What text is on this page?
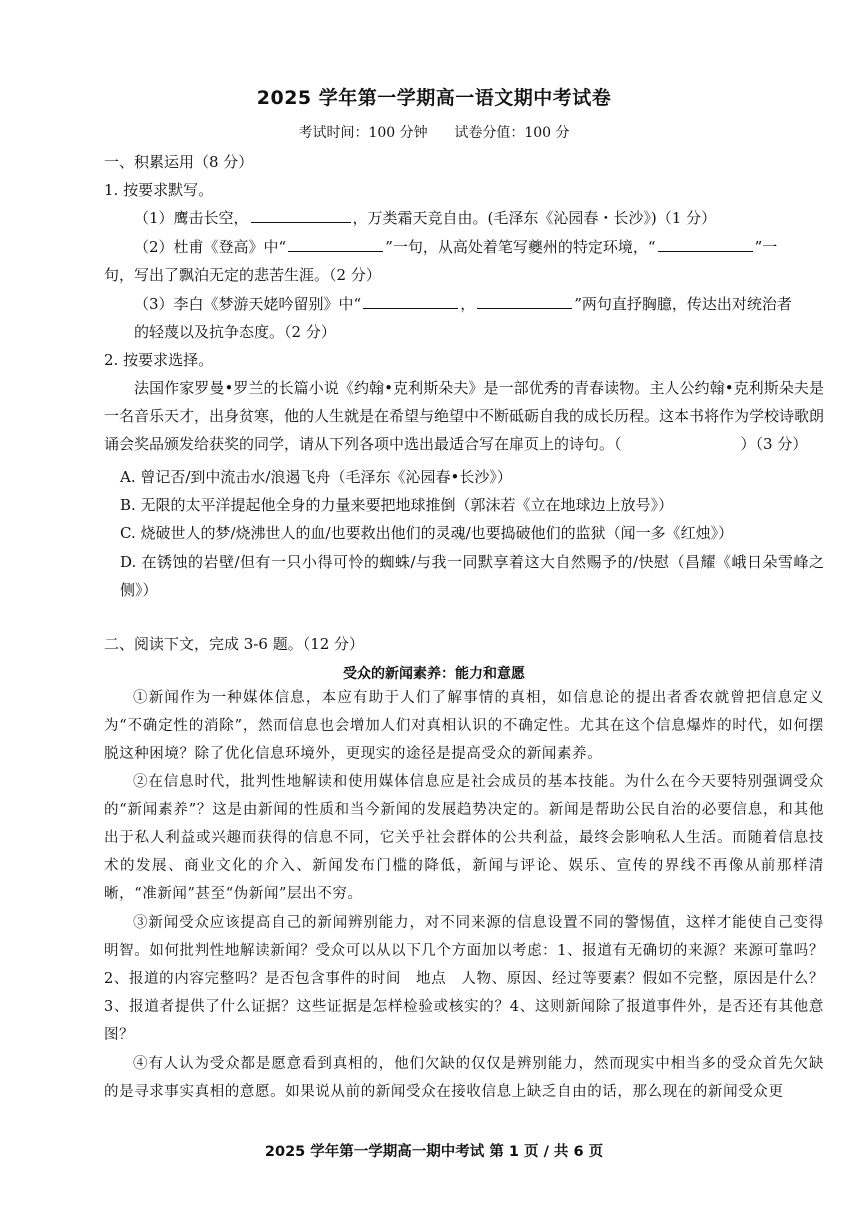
2025 学年第一学期高一语文期中考试卷
考试时间：100 分钟 试卷分值：100 分
一、积累运用（8 分）
1. 按要求默写。
（1）鹰击长空，	，万类霜天竞自由。(毛泽东《沁园春・长沙》)（1 分）
（2）杜甫《登高》中“	”一句，从高处着笔写夔州的特定环境，“	”一
句，写出了飘泊无定的悲苦生涯。（2 分）
（3）李白《梦游天姥吟留别》中“	，	”两句直抒胸臆，传达出对统治者
的轻蔑以及抗争态度。（2 分）
2. 按要求选择。
法国作家罗曼•罗兰的长篇小说《约翰•克利斯朵夫》是一部优秀的青春读物。主人公约翰•克利斯朵夫是一名音乐天才，出身贫寒，他的人生就是在希望与绝望中不断砥砺自我的成长历程。这本书将作为学校诗歌朗诵会奖品颁发给获奖的同学，请从下列各项中选出最适合写在扉页上的诗句。（	）（3 分）
A. 曾记否/到中流击水/浪遏飞舟（毛泽东《沁园春•长沙》）
B. 无限的太平洋提起他全身的力量来要把地球推倒（郭沫若《立在地球边上放号》）
C. 烧破世人的梦/烧沸世人的血/也要救出他们的灵魂/也要捣破他们的监狱（闻一多《红烛》）
D. 在锈蚀的岩壁/但有一只小得可怜的蜘蛛/与我一同默享着这大自然赐予的/快慰（昌耀《峨日朵雪峰之侧》）
二、阅读下文，完成 3-6 题。（12 分）
受众的新闻素养：能力和意愿
①新闻作为一种媒体信息，本应有助于人们了解事情的真相，如信息论的提出者香农就曾把信息定义为“不确定性的消除”，然而信息也会增加人们对真相认识的不确定性。尤其在这个信息爆炸的时代，如何摆脱这种困境？除了优化信息环境外，更现实的途径是提高受众的新闻素养。
②在信息时代，批判性地解读和使用媒体信息应是社会成员的基本技能。为什么在今天要特别强调受众的“新闻素养”？这是由新闻的性质和当今新闻的发展趋势决定的。新闻是帮助公民自治的必要信息，和其他出于私人利益或兴趣而获得的信息不同，它关乎社会群体的公共利益，最终会影响私人生活。而随着信息技术的发展、商业文化的介入、新闻发布门槛的降低，新闻与评论、娱乐、宣传的界线不再像从前那样清晰，“准新闻”甚至“伪新闻”层出不穷。
③新闻受众应该提高自己的新闻辨别能力，对不同来源的信息设置不同的警惕值，这样才能使自己变得明智。如何批判性地解读新闻？受众可以从以下几个方面加以考虑：1、报道有无确切的来源？来源可靠吗？2、报道的内容完整吗？是否包含事件的时间　地点　人物、原因、经过等要素？假如不完整，原因是什么？3、报道者提供了什么证据？这些证据是怎样检验或核实的？4、这则新闻除了报道事件外，是否还有其他意图？
④有人认为受众都是愿意看到真相的，他们欠缺的仅仅是辨别能力，然而现实中相当多的受众首先欠缺的是寻求事实真相的意愿。如果说从前的新闻受众在接收信息上缺乏自由的话，那么现在的新闻受众更
2025 学年第一学期高一期中考试 第 1 页 / 共 6 页
